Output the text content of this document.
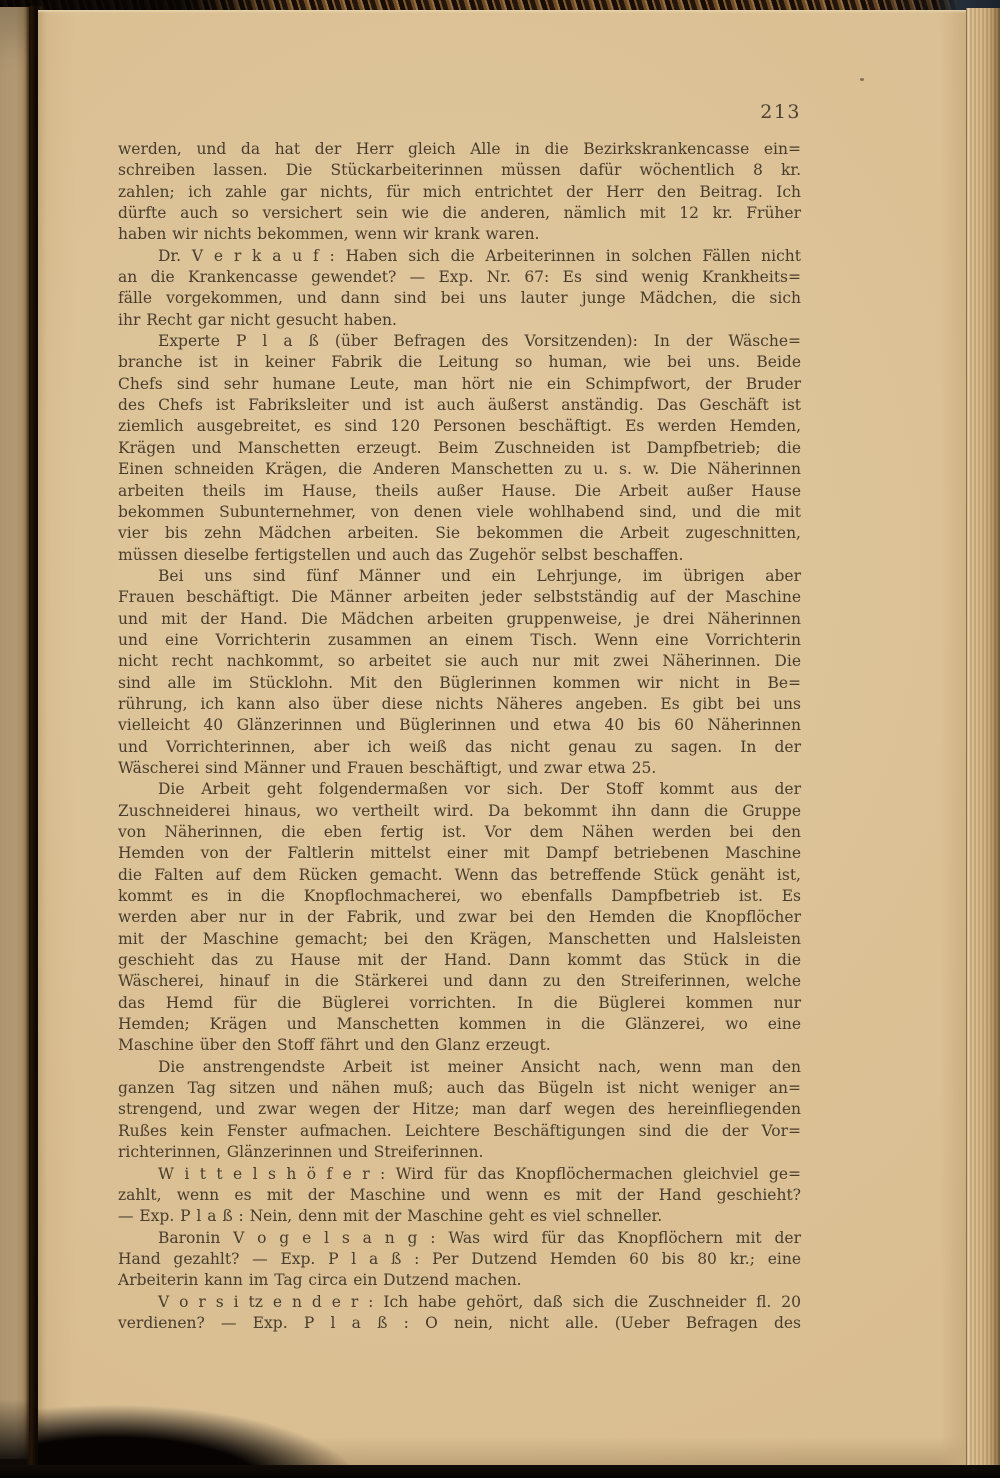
213
werden, und da hat der Herr gleich Alle in die Bezirkskrankencasse ein=
schreiben lassen. Die Stückarbeiterinnen müssen dafür wöchentlich 8 kr.
zahlen; ich zahle gar nichts, für mich entrichtet der Herr den Beitrag. Ich
dürfte auch so versichert sein wie die anderen, nämlich mit 12 kr. Früher
haben wir nichts bekommen, wenn wir krank waren.
Dr. V e r k a u f : Haben sich die Arbeiterinnen in solchen Fällen nicht
an die Krankencasse gewendet? — Exp. Nr. 67: Es sind wenig Krankheits=
fälle vorgekommen, und dann sind bei uns lauter junge Mädchen, die sich
ihr Recht gar nicht gesucht haben.
Experte P l a ß (über Befragen des Vorsitzenden): In der Wäsche=
branche ist in keiner Fabrik die Leitung so human, wie bei uns. Beide
Chefs sind sehr humane Leute, man hört nie ein Schimpfwort, der Bruder
des Chefs ist Fabriksleiter und ist auch äußerst anständig. Das Geschäft ist
ziemlich ausgebreitet, es sind 120 Personen beschäftigt. Es werden Hemden,
Krägen und Manschetten erzeugt. Beim Zuschneiden ist Dampfbetrieb; die
Einen schneiden Krägen, die Anderen Manschetten zu u. s. w. Die Näherinnen
arbeiten theils im Hause, theils außer Hause. Die Arbeit außer Hause
bekommen Subunternehmer, von denen viele wohlhabend sind, und die mit
vier bis zehn Mädchen arbeiten. Sie bekommen die Arbeit zugeschnitten,
müssen dieselbe fertigstellen und auch das Zugehör selbst beschaffen.
Bei uns sind fünf Männer und ein Lehrjunge, im übrigen aber
Frauen beschäftigt. Die Männer arbeiten jeder selbstständig auf der Maschine
und mit der Hand. Die Mädchen arbeiten gruppenweise, je drei Näherinnen
und eine Vorrichterin zusammen an einem Tisch. Wenn eine Vorrichterin
nicht recht nachkommt, so arbeitet sie auch nur mit zwei Näherinnen. Die
sind alle im Stücklohn. Mit den Büglerinnen kommen wir nicht in Be=
rührung, ich kann also über diese nichts Näheres angeben. Es gibt bei uns
vielleicht 40 Glänzerinnen und Büglerinnen und etwa 40 bis 60 Näherinnen
und Vorrichterinnen, aber ich weiß das nicht genau zu sagen. In der
Wäscherei sind Männer und Frauen beschäftigt, und zwar etwa 25.
Die Arbeit geht folgendermaßen vor sich. Der Stoff kommt aus der
Zuschneiderei hinaus, wo vertheilt wird. Da bekommt ihn dann die Gruppe
von Näherinnen, die eben fertig ist. Vor dem Nähen werden bei den
Hemden von der Faltlerin mittelst einer mit Dampf betriebenen Maschine
die Falten auf dem Rücken gemacht. Wenn das betreffende Stück genäht ist,
kommt es in die Knopflochmacherei, wo ebenfalls Dampfbetrieb ist. Es
werden aber nur in der Fabrik, und zwar bei den Hemden die Knopflöcher
mit der Maschine gemacht; bei den Krägen, Manschetten und Halsleisten
geschieht das zu Hause mit der Hand. Dann kommt das Stück in die
Wäscherei, hinauf in die Stärkerei und dann zu den Streiferinnen, welche
das Hemd für die Büglerei vorrichten. In die Büglerei kommen nur
Hemden; Krägen und Manschetten kommen in die Glänzerei, wo eine
Maschine über den Stoff fährt und den Glanz erzeugt.
Die anstrengendste Arbeit ist meiner Ansicht nach, wenn man den
ganzen Tag sitzen und nähen muß; auch das Bügeln ist nicht weniger an=
strengend, und zwar wegen der Hitze; man darf wegen des hereinfliegenden
Rußes kein Fenster aufmachen. Leichtere Beschäftigungen sind die der Vor=
richterinnen, Glänzerinnen und Streiferinnen.
W i t t e l s h ö f e r : Wird für das Knopflöchermachen gleichviel ge=
zahlt, wenn es mit der Maschine und wenn es mit der Hand geschieht?
— Exp. P l a ß : Nein, denn mit der Maschine geht es viel schneller.
Baronin V o g e l s a n g : Was wird für das Knopflöchern mit der
Hand gezahlt? — Exp. P l a ß : Per Dutzend Hemden 60 bis 80 kr.; eine
Arbeiterin kann im Tag circa ein Dutzend machen.
V o r s i tz e n d e r : Ich habe gehört, daß sich die Zuschneider fl. 20
verdienen? — Exp. P l a ß : O nein, nicht alle. (Ueber Befragen des
